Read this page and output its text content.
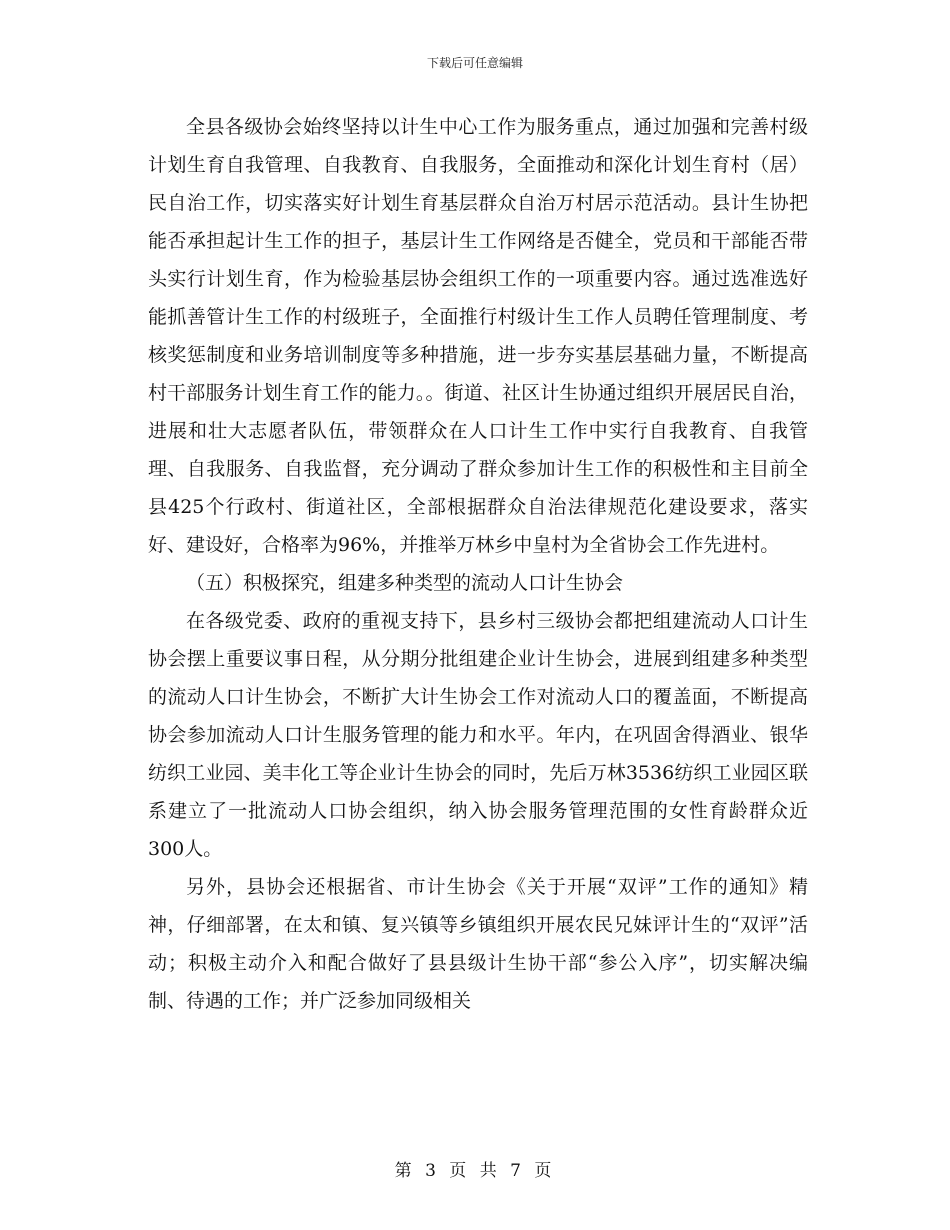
下载后可任意编辑

全县各级协会始终坚持以计生中心工作为服务重点，通过加强和完善村级计划生育自我管理、自我教育、自我服务，全面推动和深化计划生育村（居）民自治工作，切实落实好计划生育基层群众自治万村居示范活动。县计生协把能否承担起计生工作的担子，基层计生工作网络是否健全，党员和干部能否带头实行计划生育，作为检验基层协会组织工作的一项重要内容。通过选准选好能抓善管计生工作的村级班子，全面推行村级计生工作人员聘任管理制度、考核奖惩制度和业务培训制度等多种措施，进一步夯实基层基础力量，不断提高村干部服务计划生育工作的能力。。街道、社区计生协通过组织开展居民自治，进展和壮大志愿者队伍，带领群众在人口计生工作中实行自我教育、自我管理、自我服务、自我监督，充分调动了群众参加计生工作的积极性和主目前全县425个行政村、街道社区，全部根据群众自治法律规范化建设要求，落实好、建设好，合格率为96%，并推举万林乡中皇村为全省协会工作先进村。

（五）积极探究，组建多种类型的流动人口计生协会

在各级党委、政府的重视支持下，县乡村三级协会都把组建流动人口计生协会摆上重要议事日程，从分期分批组建企业计生协会，进展到组建多种类型的流动人口计生协会，不断扩大计生协会工作对流动人口的覆盖面，不断提高协会参加流动人口计生服务管理的能力和水平。年内，在巩固舍得酒业、银华纺织工业园、美丰化工等企业计生协会的同时，先后万林3536纺织工业园区联系建立了一批流动人口协会组织，纳入协会服务管理范围的女性育龄群众近300人。

另外，县协会还根据省、市计生协会《关于开展“双评”工作的通知》精神，仔细部署，在太和镇、复兴镇等乡镇组织开展农民兄妹评计生的“双评”活动；积极主动介入和配合做好了县县级计生协干部“参公入序”，切实解决编制、待遇的工作；并广泛参加同级相关

第 3 页 共 7 页
